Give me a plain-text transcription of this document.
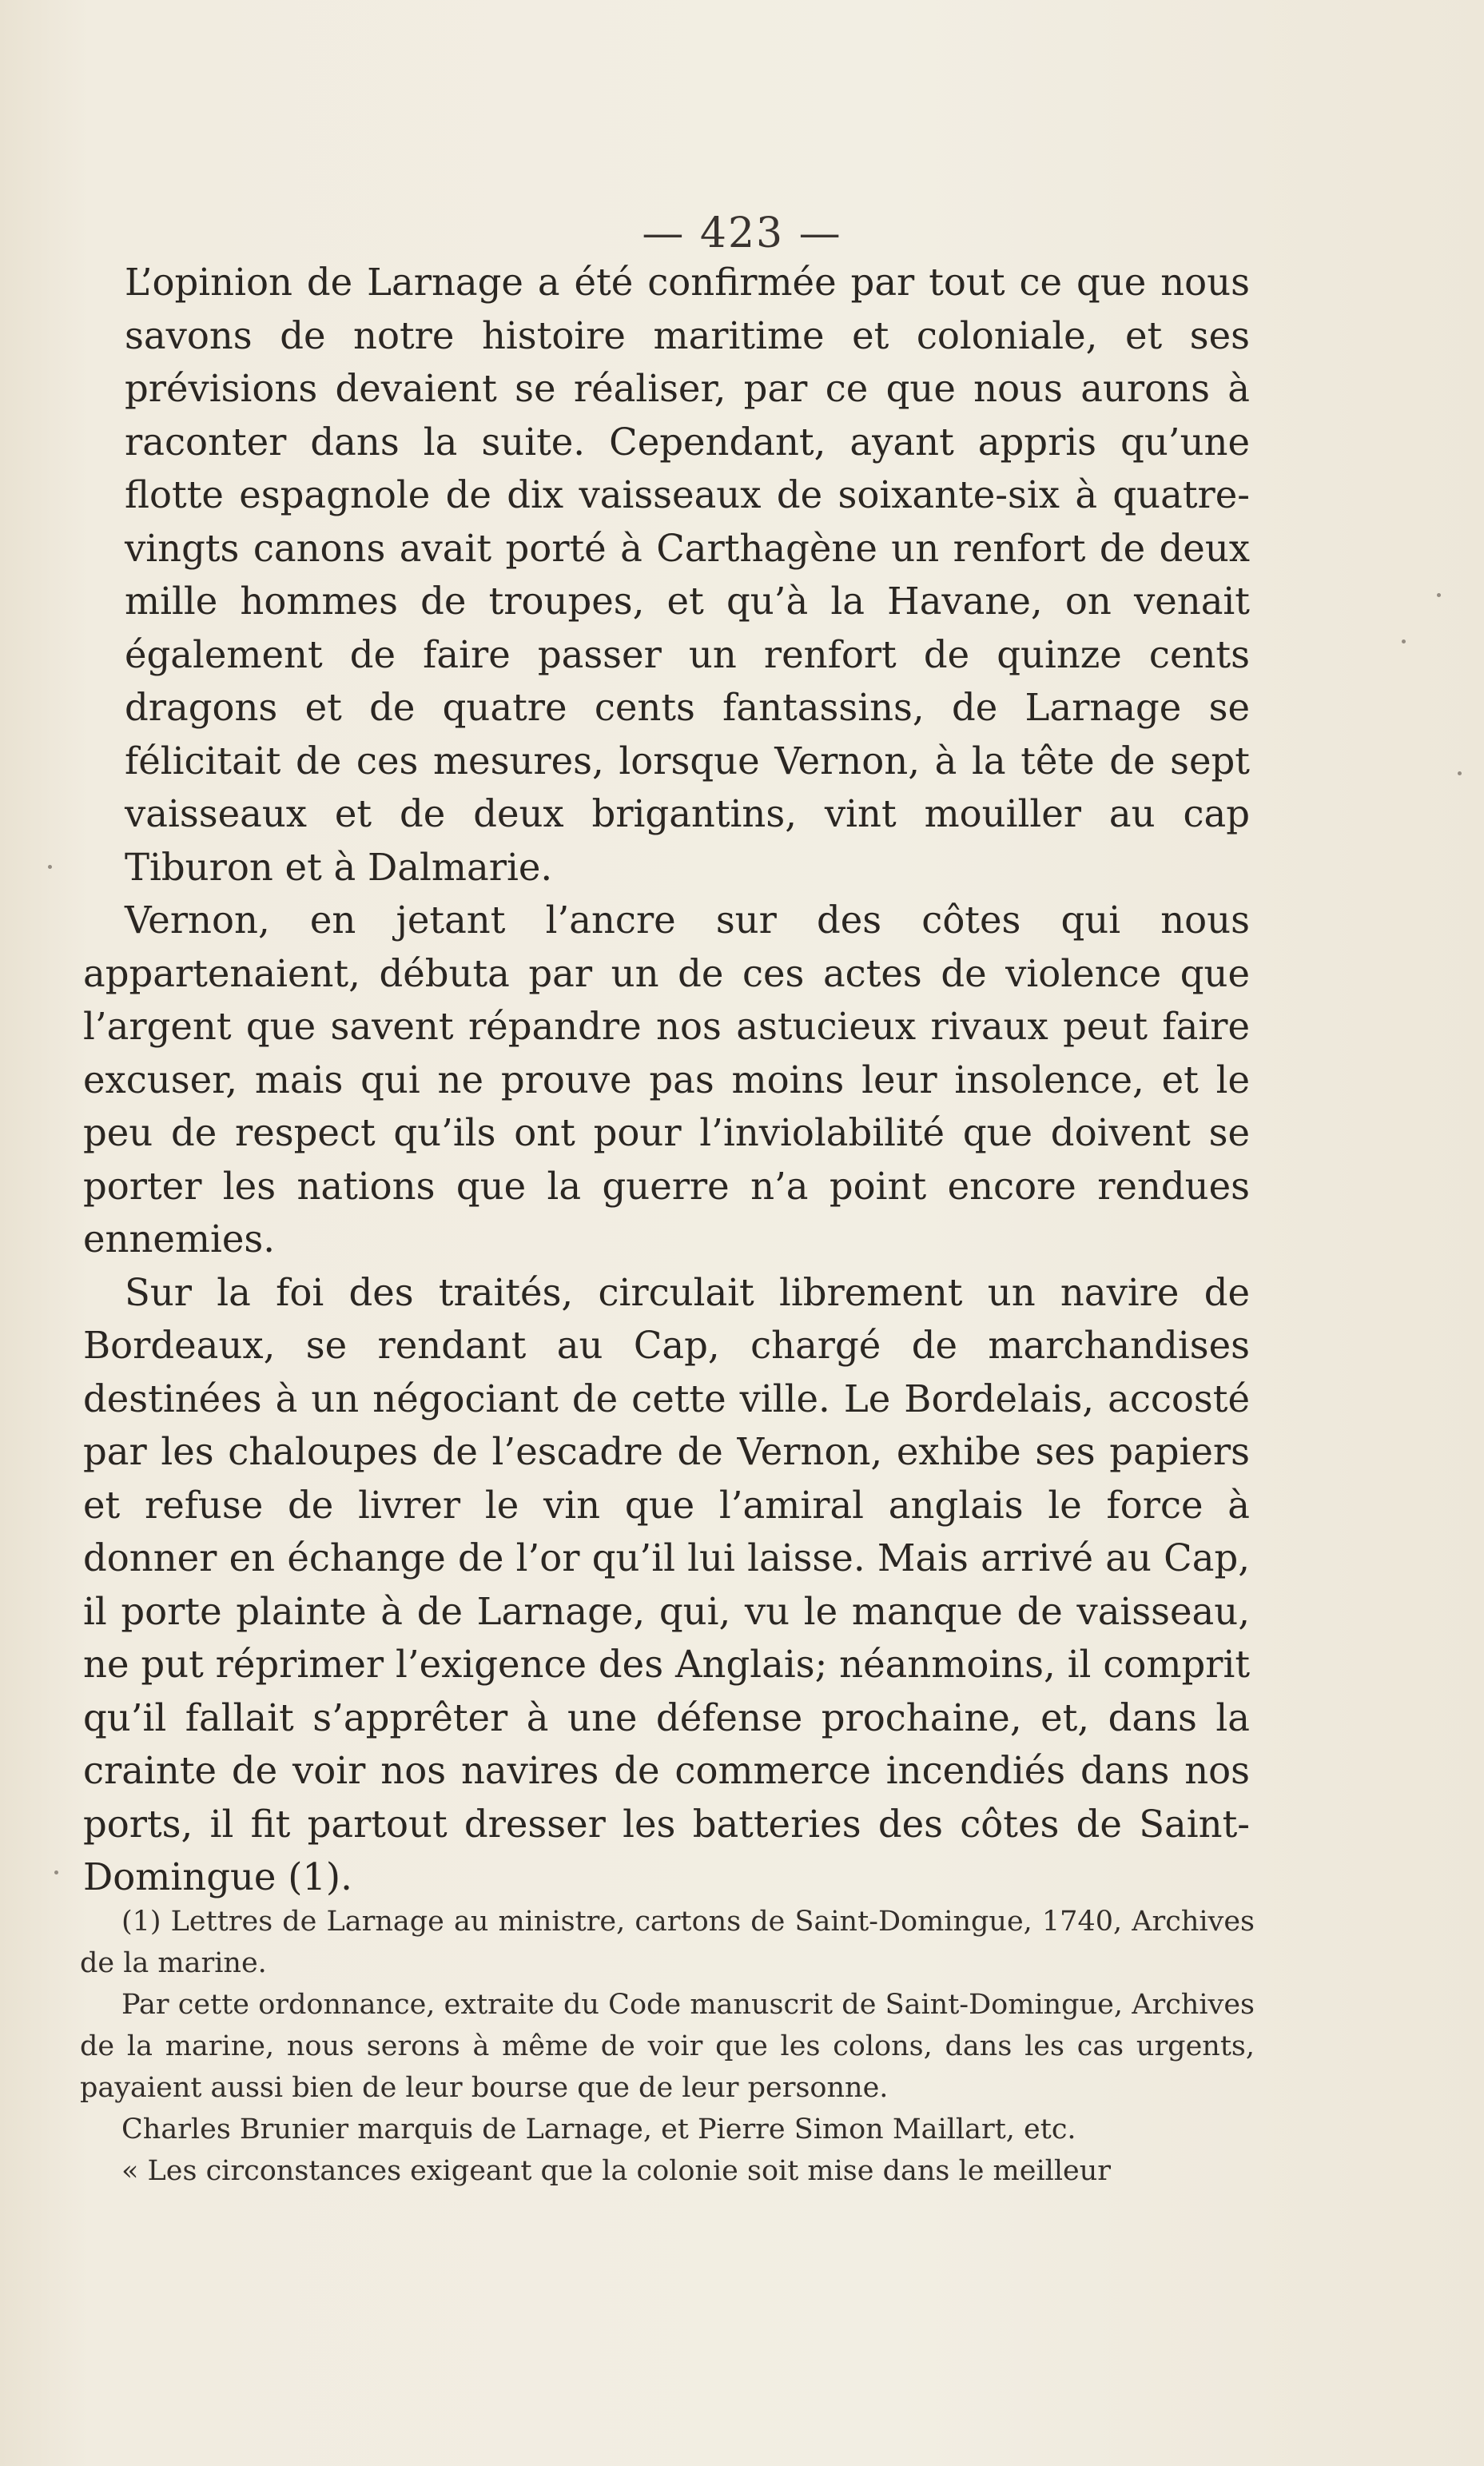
— 423 —

L’opinion de Larnage a été confirmée par tout ce que nous savons de notre histoire maritime et coloniale, et ses prévisions devaient se réaliser, par ce que nous aurons à raconter dans la suite. Cependant, ayant appris qu’une flotte espagnole de dix vaisseaux de soixante-six à quatre-vingts canons avait porté à Carthagène un renfort de deux mille hommes de troupes, et qu’à la Havane, on venait également de faire passer un renfort de quinze cents dragons et de quatre cents fantassins, de Larnage se félicitait de ces mesures, lorsque Vernon, à la tête de sept vaisseaux et de deux brigantins, vint mouiller au cap Tiburon et à Dalmarie.

Vernon, en jetant l’ancre sur des côtes qui nous appartenaient, débuta par un de ces actes de violence que l’argent que savent répandre nos astucieux rivaux peut faire excuser, mais qui ne prouve pas moins leur insolence, et le peu de respect qu’ils ont pour l’inviolabilité que doivent se porter les nations que la guerre n’a point encore rendues ennemies.

Sur la foi des traités, circulait librement un navire de Bordeaux, se rendant au Cap, chargé de marchandises destinées à un négociant de cette ville. Le Bordelais, accosté par les chaloupes de l’escadre de Vernon, exhibe ses papiers et refuse de livrer le vin que l’amiral anglais le force à donner en échange de l’or qu’il lui laisse. Mais arrivé au Cap, il porte plainte à de Larnage, qui, vu le manque de vaisseau, ne put réprimer l’exigence des Anglais; néanmoins, il comprit qu’il fallait s’apprêter à une défense prochaine, et, dans la crainte de voir nos navires de commerce incendiés dans nos ports, il fit partout dresser les batteries des côtes de Saint-Domingue (1).

(1) Lettres de Larnage au ministre, cartons de Saint-Domingue, 1740, Archives de la marine.

Par cette ordonnance, extraite du Code manuscrit de Saint-Domingue, Archives de la marine, nous serons à même de voir que les colons, dans les cas urgents, payaient aussi bien de leur bourse que de leur personne.

Charles Brunier marquis de Larnage, et Pierre Simon Maillart, etc.

« Les circonstances exigeant que la colonie soit mise dans le meilleur
